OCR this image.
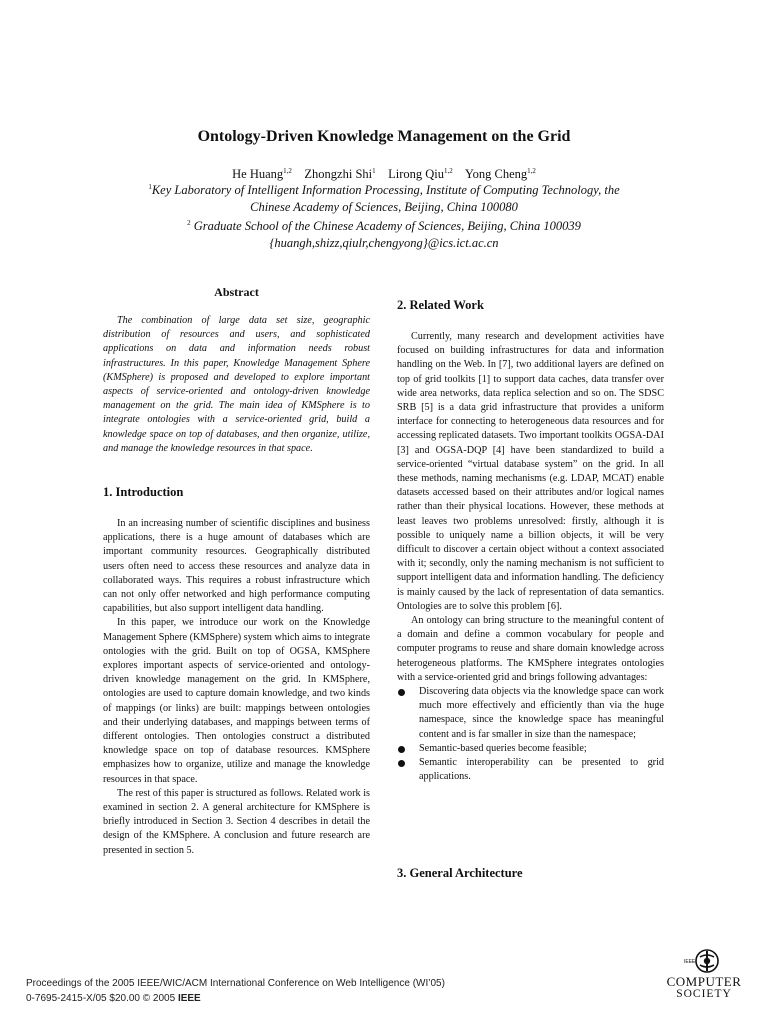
Ontology-Driven Knowledge Management on the Grid
He Huang$^{1,2}$ Zhongzhi Shi$^1$ Lirong Qiu$^{1,2}$ Yong Cheng$^{1,2}$
$^1$Key Laboratory of Intelligent Information Processing, Institute of Computing Technology, the
Chinese Academy of Sciences, Beijing, China 100080
$^2$ Graduate School of the Chinese Academy of Sciences, Beijing, China 100039
{huangh,shizz,qiulr,chengyong}@ics.ict.ac.cn
Abstract

The combination of large data set size, geographic distribution of resources and users, and sophisticated applications on data and information needs robust infrastructures. In this paper, Knowledge Management Sphere (KMSphere) is proposed and developed to explore important aspects of service-oriented and ontology-driven knowledge management on the grid. The main idea of KMSphere is to integrate ontologies with a service-oriented grid, build a knowledge space on top of databases, and then organize, utilize, and manage the knowledge resources in that space.

1. Introduction

In an increasing number of scientific disciplines and business applications, there is a huge amount of databases which are important community resources. Geographically distributed users often need to access these resources and analyze data in collaborated ways. This requires a robust infrastructure which can not only offer networked and high performance computing capabilities, but also support intelligent data handling.

In this paper, we introduce our work on the Knowledge Management Sphere (KMSphere) system which aims to integrate ontologies with the grid. Built on top of OGSA, KMSphere explores important aspects of service-oriented and ontology-driven knowledge management on the grid. In KMSphere, ontologies are used to capture domain knowledge, and two kinds of mappings (or links) are built: mappings between ontologies and their underlying databases, and mappings between terms of different ontologies. Then ontologies construct a distributed knowledge space on top of database resources. KMSphere emphasizes how to organize, utilize and manage the knowledge resources in that space.

The rest of this paper is structured as follows. Related work is examined in section 2. A general architecture for KMSphere is briefly introduced in Section 3. Section 4 describes in detail the design of the KMSphere. A conclusion and future research are presented in section 5.

2. Related Work

Currently, many research and development activities have focused on building infrastructures for data and information handling on the Web. In [7], two additional layers are defined on top of grid toolkits [1] to support data caches, data transfer over wide area networks, data replica selection and so on. The SDSC SRB [5] is a data grid infrastructure that provides a uniform interface for connecting to heterogeneous data resources and for accessing replicated datasets. Two important toolkits OGSA-DAI [3] and OGSA-DQP [4] have been standardized to build a service-oriented “virtual database system” on the grid. In all these methods, naming mechanisms (e.g. LDAP, MCAT) enable datasets accessed based on their attributes and/or logical names rather than their physical locations. However, these methods at least leaves two problems unresolved: firstly, although it is possible to uniquely name a billion objects, it will be very difficult to discover a certain object without a context associated with it; secondly, only the naming mechanism is not sufficient to support intelligent data and information handling. The deficiency is mainly caused by the lack of representation of data semantics. Ontologies are to solve this problem [6].

An ontology can bring structure to the meaningful content of a domain and define a common vocabulary for people and computer programs to reuse and share domain knowledge across heterogeneous platforms. The KMSphere integrates ontologies with a service-oriented grid and brings following advantages:

Discovering data objects via the knowledge space can work much more effectively and efficiently than via the huge namespace, since the knowledge space has meaningful content and is far smaller in size than the namespace;
Semantic-based queries become feasible;
Semantic interoperability can be presented to grid applications.
3. General Architecture
Proceedings of the 2005 IEEE/WIC/ACM International Conference on Web Intelligence (WI’05)
0-7695-2415-X/05 $20.00 © 2005 IEEE
IEEE
COMPUTER
SOCIETY
